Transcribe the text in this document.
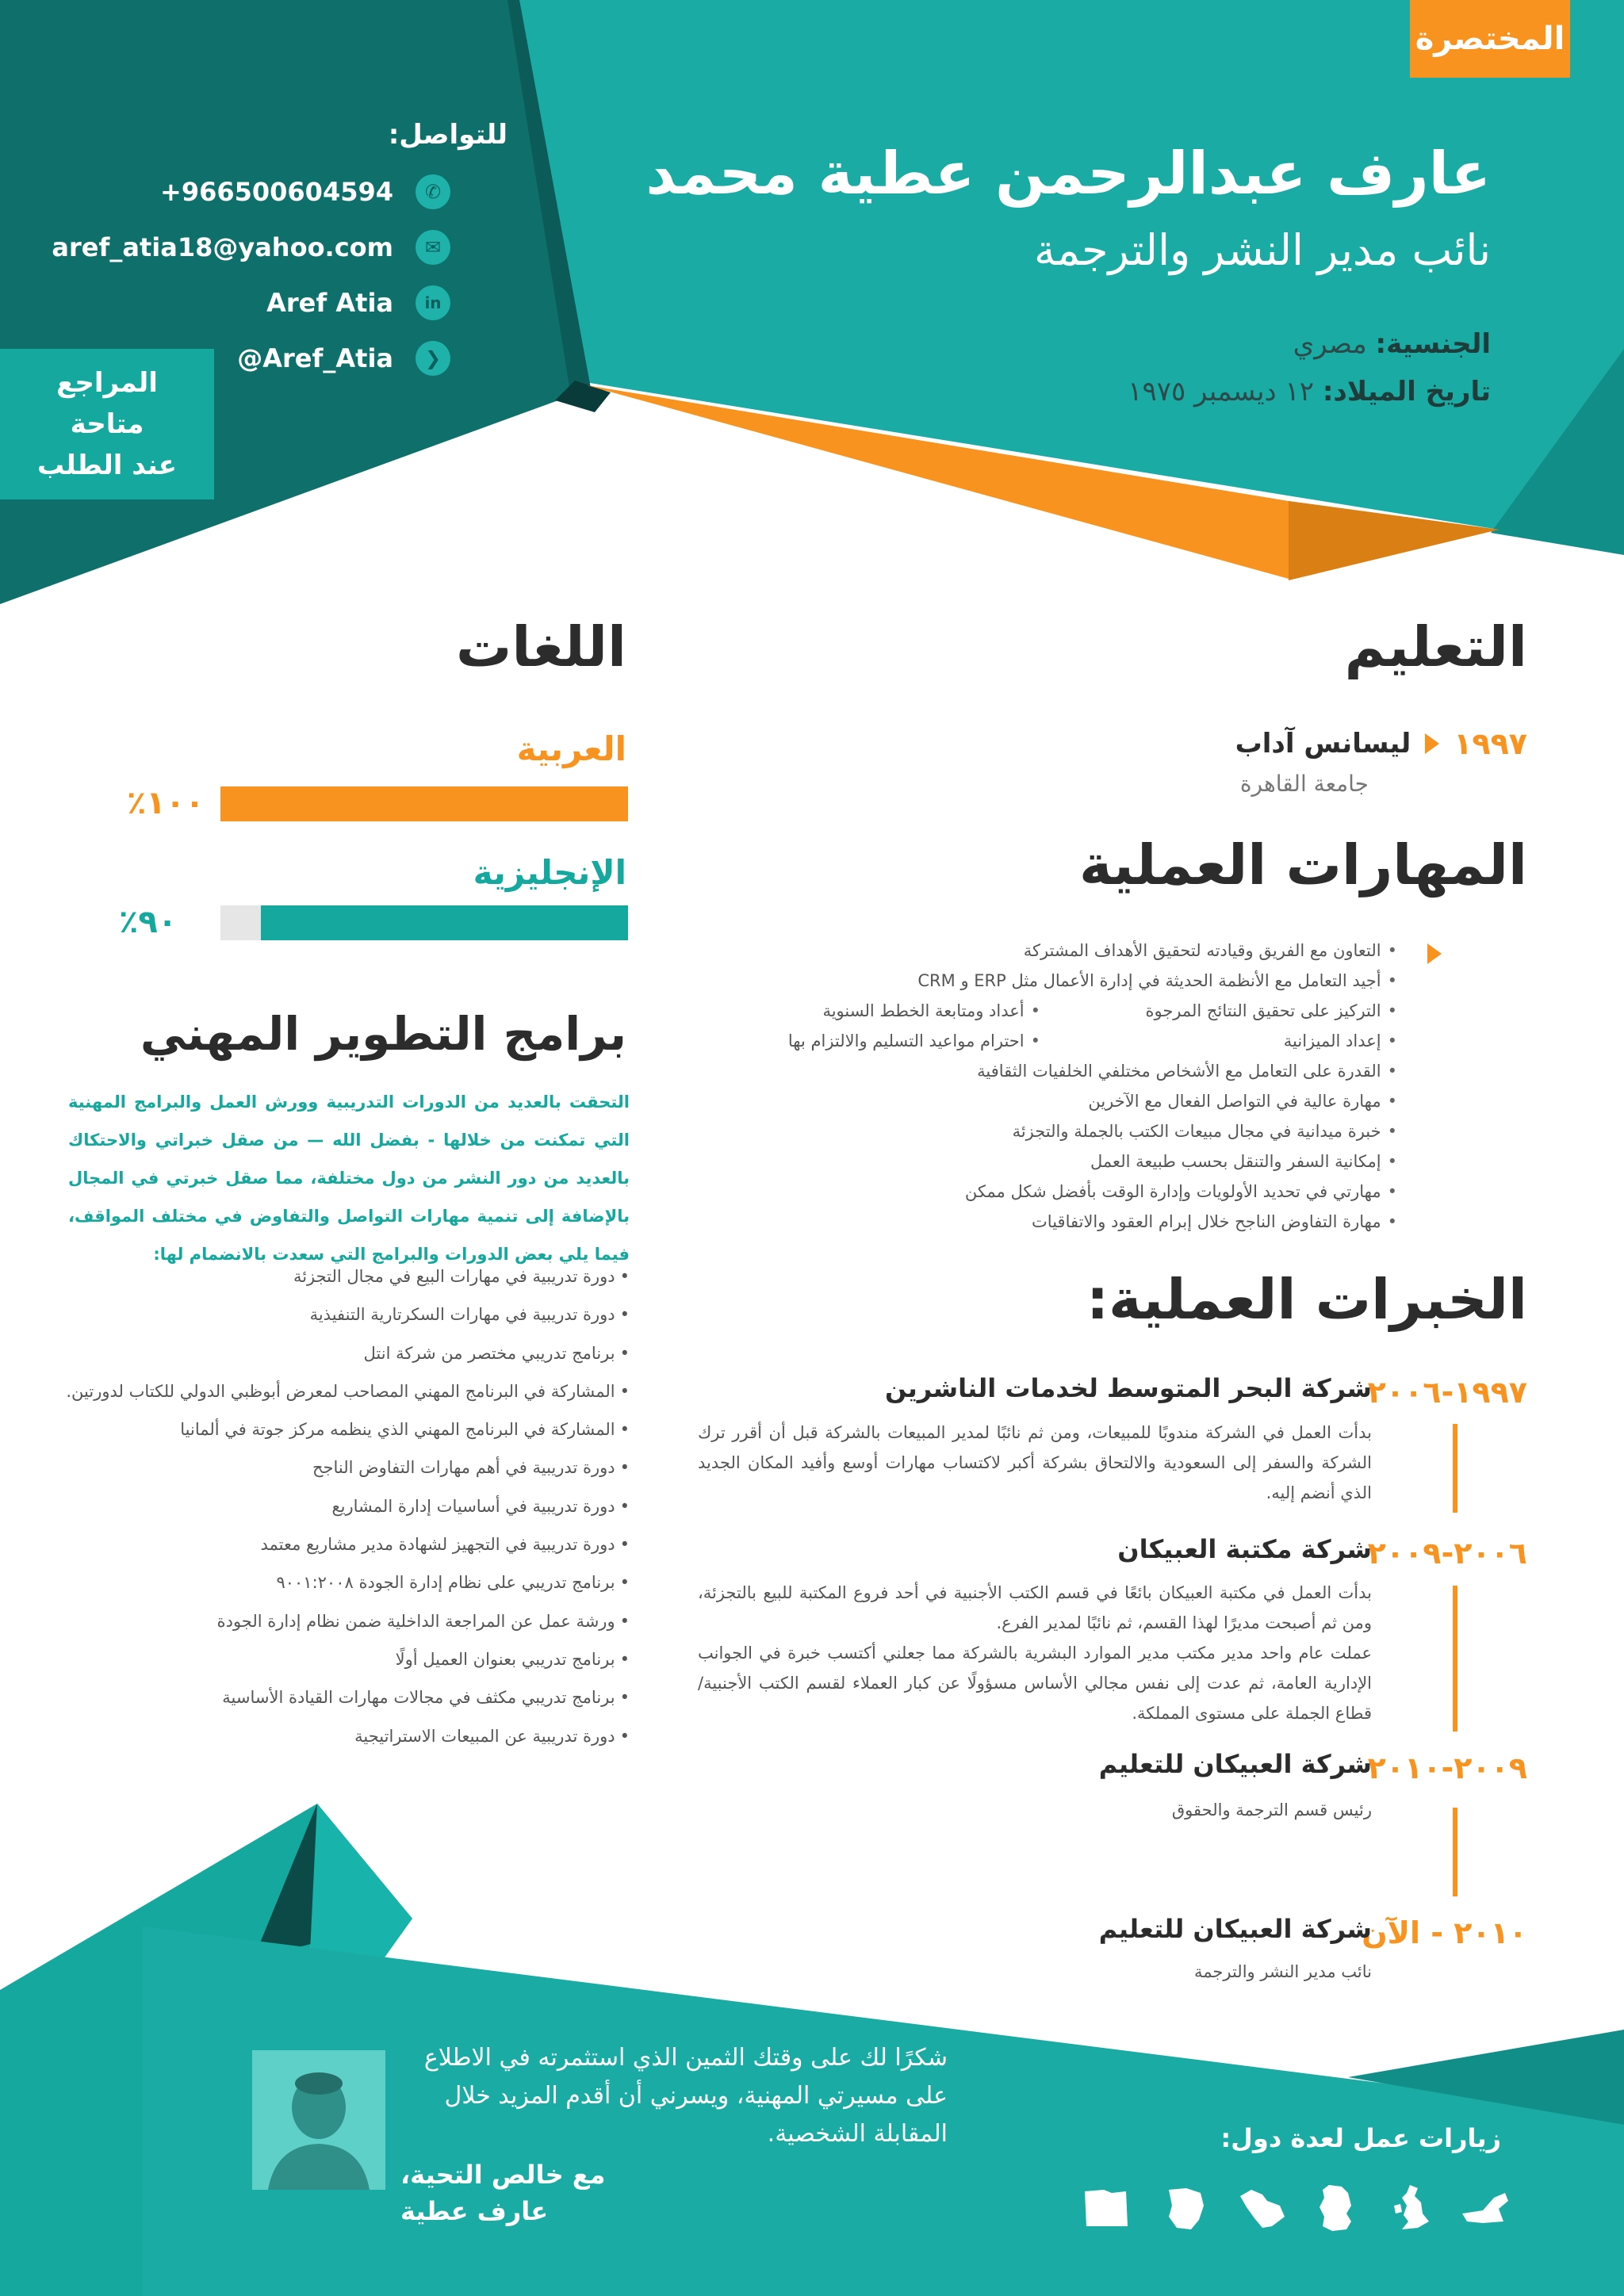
المختصرة
عارف عبدالرحمن عطية محمد
نائب مدير النشر والترجمة
الجنسية: مصري
تاريخ الميلاد: ١٢ ديسمبر ١٩٧٥
للتواصل:
+966500604594	✆
aref_atia18@yahoo.com	✉
Aref Atia	in
@Aref_Atia	❯
المراجع
متاحة
عند الطلب
التعليم
١٩٩٧
ليسانس آداب
جامعة القاهرة
المهارات العملية
• التعاون مع الفريق وقيادته لتحقيق الأهداف المشتركة
• أجيد التعامل مع الأنظمة الحديثة في إدارة الأعمال مثل ERP و CRM
• التركيز على تحقيق النتائج المرجوة
• أعداد ومتابعة الخطط السنوية
• إعداد الميزانية
• احترام مواعيد التسليم والالتزام بها
• القدرة على التعامل مع الأشخاص مختلفي الخلفيات الثقافية
• مهارة عالية في التواصل الفعال مع الآخرين
• خبرة ميدانية في مجال مبيعات الكتب بالجملة والتجزئة
• إمكانية السفر والتنقل بحسب طبيعة العمل
• مهارتي في تحديد الأولويات وإدارة الوقت بأفضل شكل ممكن
• مهارة التفاوض الناجح خلال إبرام العقود والاتفاقيات
اللغات
العربية
١٠٠٪
الإنجليزية
٩٠٪
برامج التطوير المهني
التحقت بالعديد من الدورات التدريبية وورش العمل والبرامج المهنية التي تمكنت من خلالها - بفضل الله — من صقل خبراتي والاحتكاك بالعديد من دور النشر من دول مختلفة، مما صقل خبرتي في المجال بالإضافة إلى تنمية مهارات التواصل والتفاوض في مختلف المواقف، فيما يلي بعض الدورات والبرامج التي سعدت بالانضمام لها:
• دورة تدريبية في مهارات البيع في مجال التجزئة
• دورة تدريبية في مهارات السكرتارية التنفيذية
• برنامج تدريبي مختصر من شركة انتل
• المشاركة في البرنامج المهني المصاحب لمعرض أبوظبي الدولي للكتاب لدورتين.
• المشاركة في البرنامج المهني الذي ينظمه مركز جوتة في ألمانيا
• دورة تدريبية في أهم مهارات التفاوض الناجح
• دورة تدريبية في أساسيات إدارة المشاريع
• دورة تدريبية في التجهيز لشهادة مدير مشاريع معتمد
• برنامج تدريبي على نظام إدارة الجودة ٩٠٠١:٢٠٠٨
• ورشة عمل عن المراجعة الداخلية ضمن نظام إدارة الجودة
• برنامج تدريبي بعنوان العميل أولًا
• برنامج تدريبي مكثف في مجالات مهارات القيادة الأساسية
• دورة تدريبية عن المبيعات الاستراتيجية
الخبرات العملية:
١٩٩٧-٢٠٠٦
شركة البحر المتوسط لخدمات الناشرين
بدأت العمل في الشركة مندوبًا للمبيعات، ومن ثم نائبًا لمدير المبيعات بالشركة قبل أن أقرر ترك الشركة والسفر إلى السعودية والالتحاق بشركة أكبر لاكتساب مهارات أوسع وأفيد المكان الجديد الذي أنضم إليه.
٢٠٠٦-٢٠٠٩
شركة مكتبة العبيكان
بدأت العمل في مكتبة العبيكان بائعًا في قسم الكتب الأجنبية في أحد فروع المكتبة للبيع بالتجزئة، ومن ثم أصبحت مديرًا لهذا القسم، ثم نائبًا لمدير الفرع.
عملت عام واحد مدير مكتب مدير الموارد البشرية بالشركة مما جعلني أكتسب خبرة في الجوانب الإدارية العامة، ثم عدت إلى نفس مجالي الأساس مسؤولًا عن كبار العملاء لقسم الكتب الأجنبية/قطاع الجملة على مستوى المملكة.
٢٠٠٩-٢٠١٠
شركة العبيكان للتعليم
رئيس قسم الترجمة والحقوق
٢٠١٠ - الآن
شركة العبيكان للتعليم
نائب مدير النشر والترجمة
شكرًا لك على وقتك الثمين الذي استثمرته في الاطلاع على مسيرتي المهنية، ويسرني أن أقدم المزيد خلال المقابلة الشخصية.
مع خالص التحية،
عارف عطية
زيارات عمل لعدة دول:
